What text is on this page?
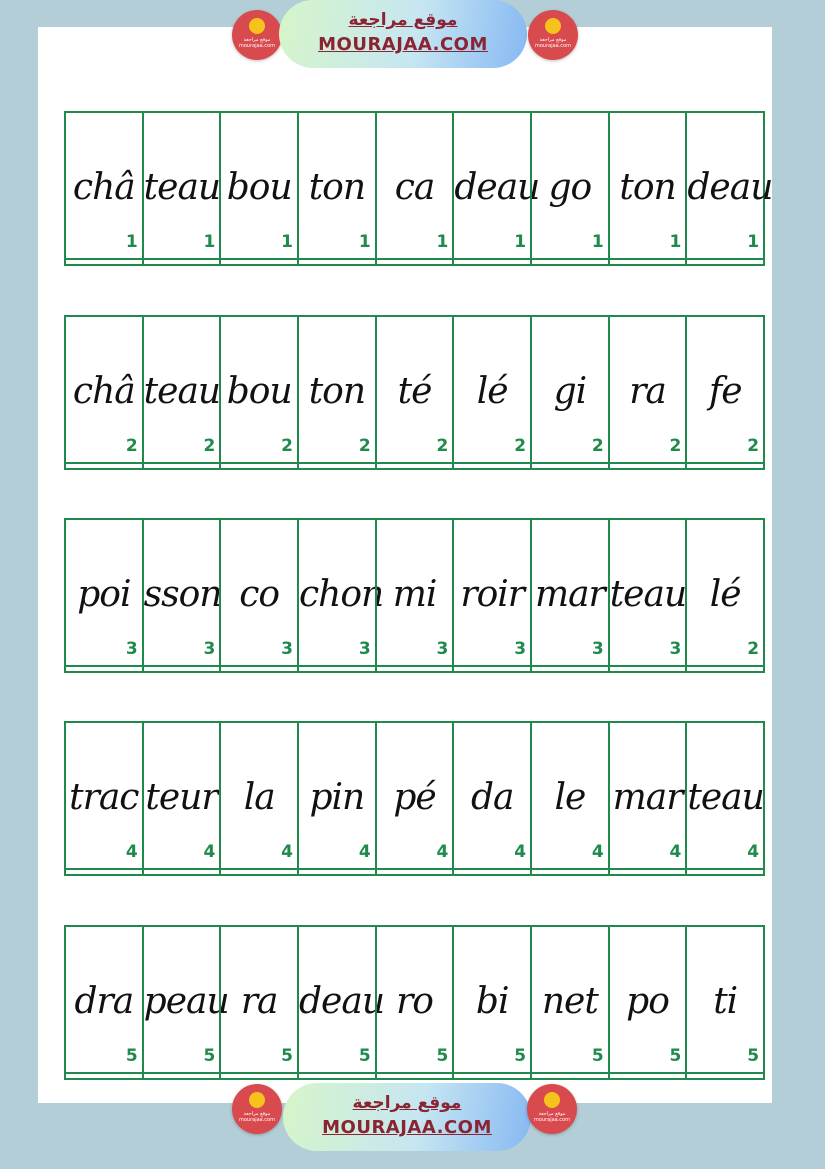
موقع مراجعة
mourajaa.com
موقع مراجعة
MOURAJAA.COM	موقع مراجعة
mourajaa.com
châ
1
teau
1
bou
1
ton
1
ca
1
deau
1
go
1
ton
1
deau
1
châ
2
teau
2
bou
2
ton
2
té
2
lé
2
gi
2
ra
2
fe
2
poi
3
sson
3
co
3
chon
3
mi
3
roir
3
mar
3
teau
3
lé
2
trac
4
teur
4
la
4
pin
4
pé
4
da
4
le
4
mar
4
teau
4
dra
5
peau
5
ra
5
deau
5
ro
5
bi
5
net
5
po
5
ti
5
موقع مراجعة
mourajaa.com
موقع مراجعة
MOURAJAA.COM
موقع مراجعة
mourajaa.com
